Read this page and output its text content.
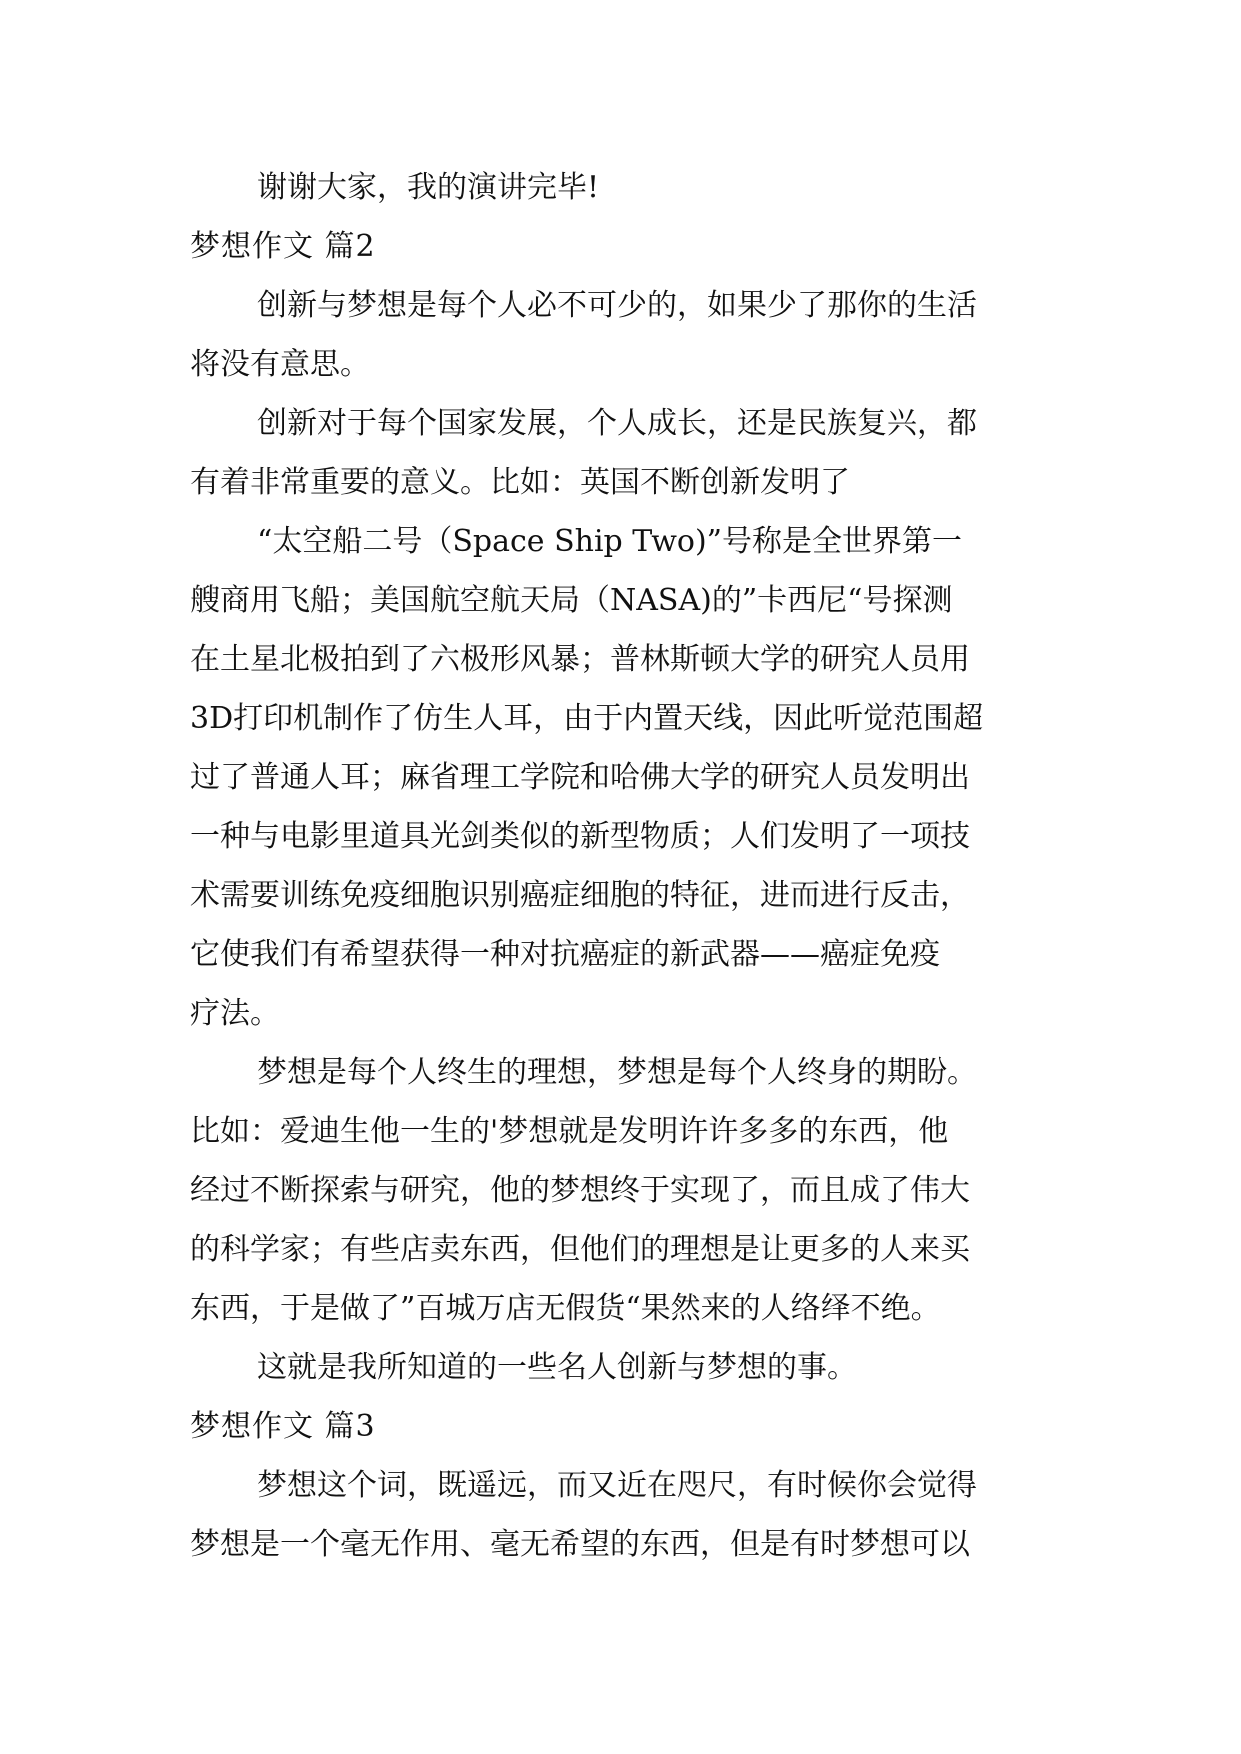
谢谢大家，我的演讲完毕!
梦想作文 篇2
创新与梦想是每个人必不可少的，如果少了那你的生活
将没有意思。
创新对于每个国家发展，个人成长，还是民族复兴，都
有着非常重要的意义。比如：英国不断创新发明了
“太空船二号（Space Ship Two)”号称是全世界第一
艘商用飞船；美国航空航天局（NASA)的”卡西尼“号探测
在土星北极拍到了六极形风暴；普林斯顿大学的研究人员用
3D打印机制作了仿生人耳，由于内置天线，因此听觉范围超
过了普通人耳；麻省理工学院和哈佛大学的研究人员发明出
一种与电影里道具光剑类似的新型物质；人们发明了一项技
术需要训练免疫细胞识别癌症细胞的特征，进而进行反击，
它使我们有希望获得一种对抗癌症的新武器——癌症免疫
疗法。
梦想是每个人终生的理想，梦想是每个人终身的期盼。
比如：爱迪生他一生的'梦想就是发明许许多多的东西，他
经过不断探索与研究，他的梦想终于实现了，而且成了伟大
的科学家；有些店卖东西，但他们的理想是让更多的人来买
东西，于是做了”百城万店无假货“果然来的人络绎不绝。
这就是我所知道的一些名人创新与梦想的事。
梦想作文 篇3
梦想这个词，既遥远，而又近在咫尺，有时候你会觉得
梦想是一个毫无作用、毫无希望的东西，但是有时梦想可以
